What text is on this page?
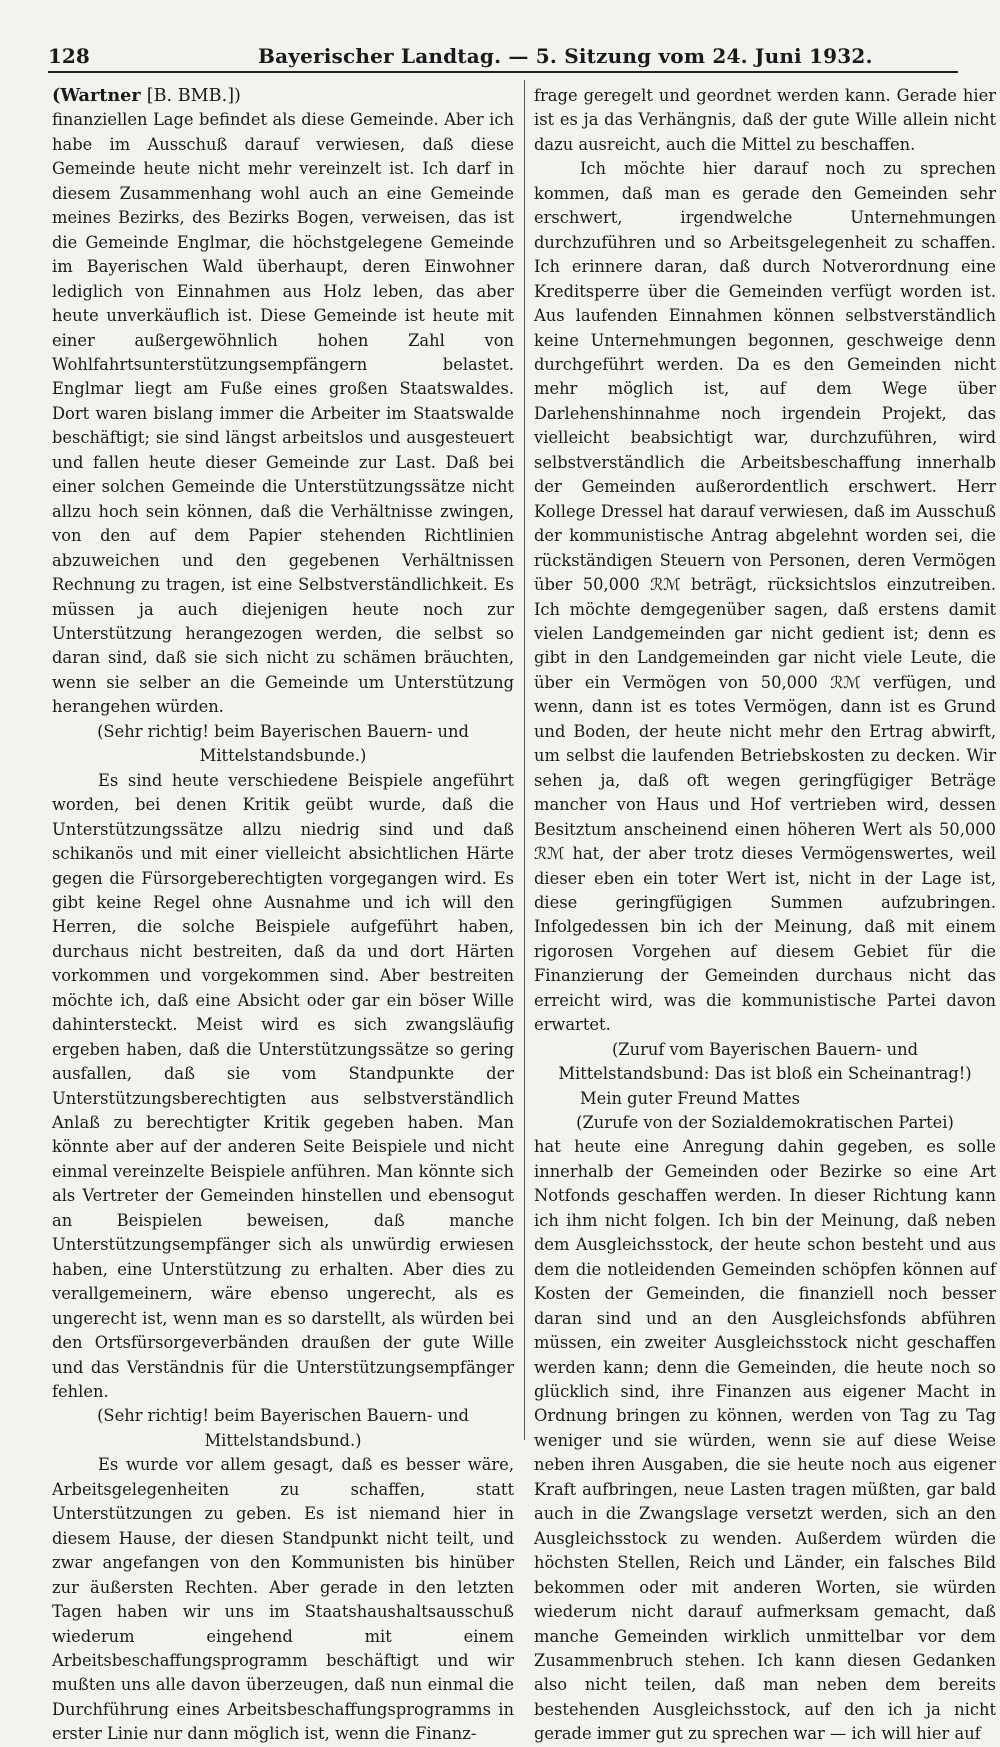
128	Bayerischer Landtag. — 5. Sitzung vom 24. Juni 1932.

(Wartner [B. BMB.])

finanziellen Lage befindet als diese Gemeinde. Aber ich habe im Ausschuß darauf verwiesen, daß diese Gemeinde heute nicht mehr vereinzelt ist. Ich darf in diesem Zusammenhang wohl auch an eine Gemeinde meines Bezirks, des Bezirks Bogen, verweisen, das ist die Gemeinde Englmar, die höchstgelegene Gemeinde im Bayerischen Wald überhaupt, deren Einwohner lediglich von Einnahmen aus Holz leben, das aber heute unverkäuflich ist. Diese Gemeinde ist heute mit einer außergewöhnlich hohen Zahl von Wohlfahrtsunterstützungsempfängern belastet. Englmar liegt am Fuße eines großen Staatswaldes. Dort waren bislang immer die Arbeiter im Staatswalde beschäftigt; sie sind längst arbeitslos und ausgesteuert und fallen heute dieser Gemeinde zur Last. Daß bei einer solchen Gemeinde die Unterstützungssätze nicht allzu hoch sein können, daß die Verhältnisse zwingen, von den auf dem Papier stehenden Richtlinien abzuweichen und den gegebenen Verhältnissen Rechnung zu tragen, ist eine Selbstverständlichkeit. Es müssen ja auch diejenigen heute noch zur Unterstützung herangezogen werden, die selbst so daran sind, daß sie sich nicht zu schämen bräuchten, wenn sie selber an die Gemeinde um Unterstützung herangehen würden.

(Sehr richtig! beim Bayerischen Bauern- und Mittelstandsbunde.)

Es sind heute verschiedene Beispiele angeführt worden, bei denen Kritik geübt wurde, daß die Unterstützungssätze allzu niedrig sind und daß schikanös und mit einer vielleicht absichtlichen Härte gegen die Fürsorgeberechtigten vorgegangen wird. Es gibt keine Regel ohne Ausnahme und ich will den Herren, die solche Beispiele aufgeführt haben, durchaus nicht bestreiten, daß da und dort Härten vorkommen und vorgekommen sind. Aber bestreiten möchte ich, daß eine Absicht oder gar ein böser Wille dahintersteckt. Meist wird es sich zwangsläufig ergeben haben, daß die Unterstützungssätze so gering ausfallen, daß sie vom Standpunkte der Unterstützungsberechtigten aus selbstverständlich Anlaß zu berechtigter Kritik gegeben haben. Man könnte aber auf der anderen Seite Beispiele und nicht einmal vereinzelte Beispiele anführen. Man könnte sich als Vertreter der Gemeinden hinstellen und ebensogut an Beispielen beweisen, daß manche Unterstützungsempfänger sich als unwürdig erwiesen haben, eine Unterstützung zu erhalten. Aber dies zu verallgemeinern, wäre ebenso ungerecht, als es ungerecht ist, wenn man es so darstellt, als würden bei den Ortsfürsorgeverbänden draußen der gute Wille und das Verständnis für die Unterstützungsempfänger fehlen.

(Sehr richtig! beim Bayerischen Bauern- und Mittelstandsbund.)

Es wurde vor allem gesagt, daß es besser wäre, Arbeitsgelegenheiten zu schaffen, statt Unterstützungen zu geben. Es ist niemand hier in diesem Hause, der diesen Standpunkt nicht teilt, und zwar angefangen von den Kommunisten bis hinüber zur äußersten Rechten. Aber gerade in den letzten Tagen haben wir uns im Staatshaushaltsausschuß wiederum eingehend mit einem Arbeitsbeschaffungsprogramm beschäftigt und wir mußten uns alle davon überzeugen, daß nun einmal die Durchführung eines Arbeitsbeschaffungsprogramms in erster Linie nur dann möglich ist, wenn die Finanz-

frage geregelt und geordnet werden kann. Gerade hier ist es ja das Verhängnis, daß der gute Wille allein nicht dazu ausreicht, auch die Mittel zu beschaffen.

Ich möchte hier darauf noch zu sprechen kommen, daß man es gerade den Gemeinden sehr erschwert, irgendwelche Unternehmungen durchzuführen und so Arbeitsgelegenheit zu schaffen. Ich erinnere daran, daß durch Notverordnung eine Kreditsperre über die Gemeinden verfügt worden ist. Aus laufenden Einnahmen können selbstverständlich keine Unternehmungen begonnen, geschweige denn durchgeführt werden. Da es den Gemeinden nicht mehr möglich ist, auf dem Wege über Darlehenshinnahme noch irgendein Projekt, das vielleicht beabsichtigt war, durchzuführen, wird selbstverständlich die Arbeitsbeschaffung innerhalb der Gemeinden außerordentlich erschwert. Herr Kollege Dressel hat darauf verwiesen, daß im Ausschuß der kommunistische Antrag abgelehnt worden sei, die rückständigen Steuern von Personen, deren Vermögen über 50,000 ℛℳ beträgt, rücksichtslos einzutreiben. Ich möchte demgegenüber sagen, daß erstens damit vielen Landgemeinden gar nicht gedient ist; denn es gibt in den Landgemeinden gar nicht viele Leute, die über ein Vermögen von 50,000 ℛℳ verfügen, und wenn, dann ist es totes Vermögen, dann ist es Grund und Boden, der heute nicht mehr den Ertrag abwirft, um selbst die laufenden Betriebskosten zu decken. Wir sehen ja, daß oft wegen geringfügiger Beträge mancher von Haus und Hof vertrieben wird, dessen Besitztum anscheinend einen höheren Wert als 50,000 ℛℳ hat, der aber trotz dieses Vermögenswertes, weil dieser eben ein toter Wert ist, nicht in der Lage ist, diese geringfügigen Summen aufzubringen. Infolgedessen bin ich der Meinung, daß mit einem rigorosen Vorgehen auf diesem Gebiet für die Finanzierung der Gemeinden durchaus nicht das erreicht wird, was die kommunistische Partei davon erwartet.

(Zuruf vom Bayerischen Bauern- und Mittelstandsbund: Das ist bloß ein Scheinantrag!)

Mein guter Freund Mattes

(Zurufe von der Sozialdemokratischen Partei)

hat heute eine Anregung dahin gegeben, es solle innerhalb der Gemeinden oder Bezirke so eine Art Notfonds geschaffen werden. In dieser Richtung kann ich ihm nicht folgen. Ich bin der Meinung, daß neben dem Ausgleichsstock, der heute schon besteht und aus dem die notleidenden Gemeinden schöpfen können auf Kosten der Gemeinden, die finanziell noch besser daran sind und an den Ausgleichsfonds abführen müssen, ein zweiter Ausgleichsstock nicht geschaffen werden kann; denn die Gemeinden, die heute noch so glücklich sind, ihre Finanzen aus eigener Macht in Ordnung bringen zu können, werden von Tag zu Tag weniger und sie würden, wenn sie auf diese Weise neben ihren Ausgaben, die sie heute noch aus eigener Kraft aufbringen, neue Lasten tragen müßten, gar bald auch in die Zwangslage versetzt werden, sich an den Ausgleichsstock zu wenden. Außerdem würden die höchsten Stellen, Reich und Länder, ein falsches Bild bekommen oder mit anderen Worten, sie würden wiederum nicht darauf aufmerksam gemacht, daß manche Gemeinden wirklich unmittelbar vor dem Zusammenbruch stehen. Ich kann diesen Gedanken also nicht teilen, daß man neben dem bereits bestehenden Ausgleichsstock, auf den ich ja nicht gerade immer gut zu sprechen war — ich will hier auf
